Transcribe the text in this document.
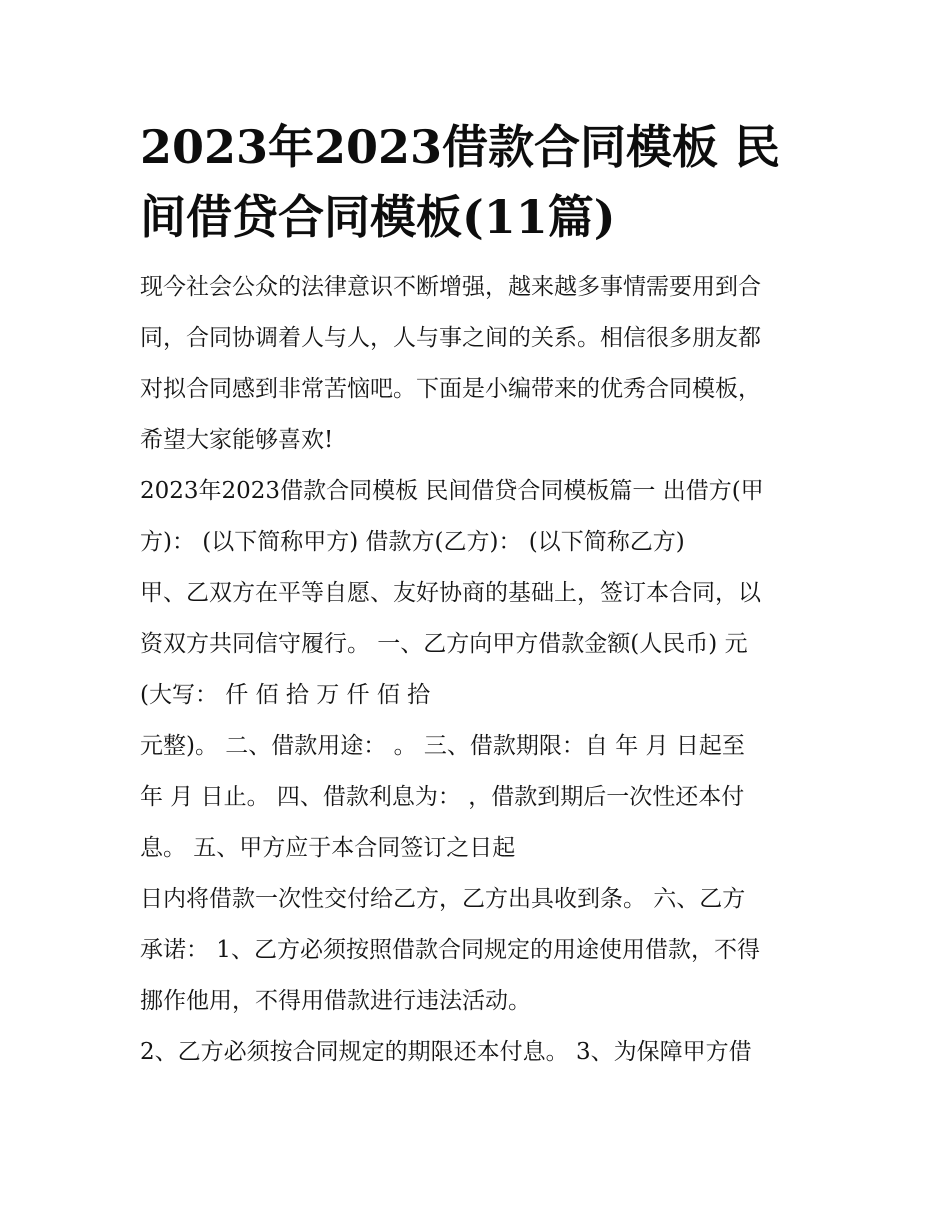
2023年2023借款合同模板 民
间借贷合同模板(11篇)
现今社会公众的法律意识不断增强，越来越多事情需要用到合
同，合同协调着人与人，人与事之间的关系。相信很多朋友都
对拟合同感到非常苦恼吧。下面是小编带来的优秀合同模板，
希望大家能够喜欢!
2023年2023借款合同模板 民间借贷合同模板篇一 出借方(甲
方)： (以下简称甲方) 借款方(乙方)： (以下简称乙方)
甲、乙双方在平等自愿、友好协商的基础上，签订本合同，以
资双方共同信守履行。 一、乙方向甲方借款金额(人民币) 元
(大写： 仟 佰 拾 万 仟 佰 拾
元整)。 二、借款用途： 。 三、借款期限：自 年 月 日起至
年 月 日止。 四、借款利息为： ，借款到期后一次性还本付
息。 五、甲方应于本合同签订之日起
日内将借款一次性交付给乙方，乙方出具收到条。 六、乙方
承诺： 1、乙方必须按照借款合同规定的用途使用借款，不得
挪作他用，不得用借款进行违法活动。
2、乙方必须按合同规定的期限还本付息。 3、为保障甲方借
